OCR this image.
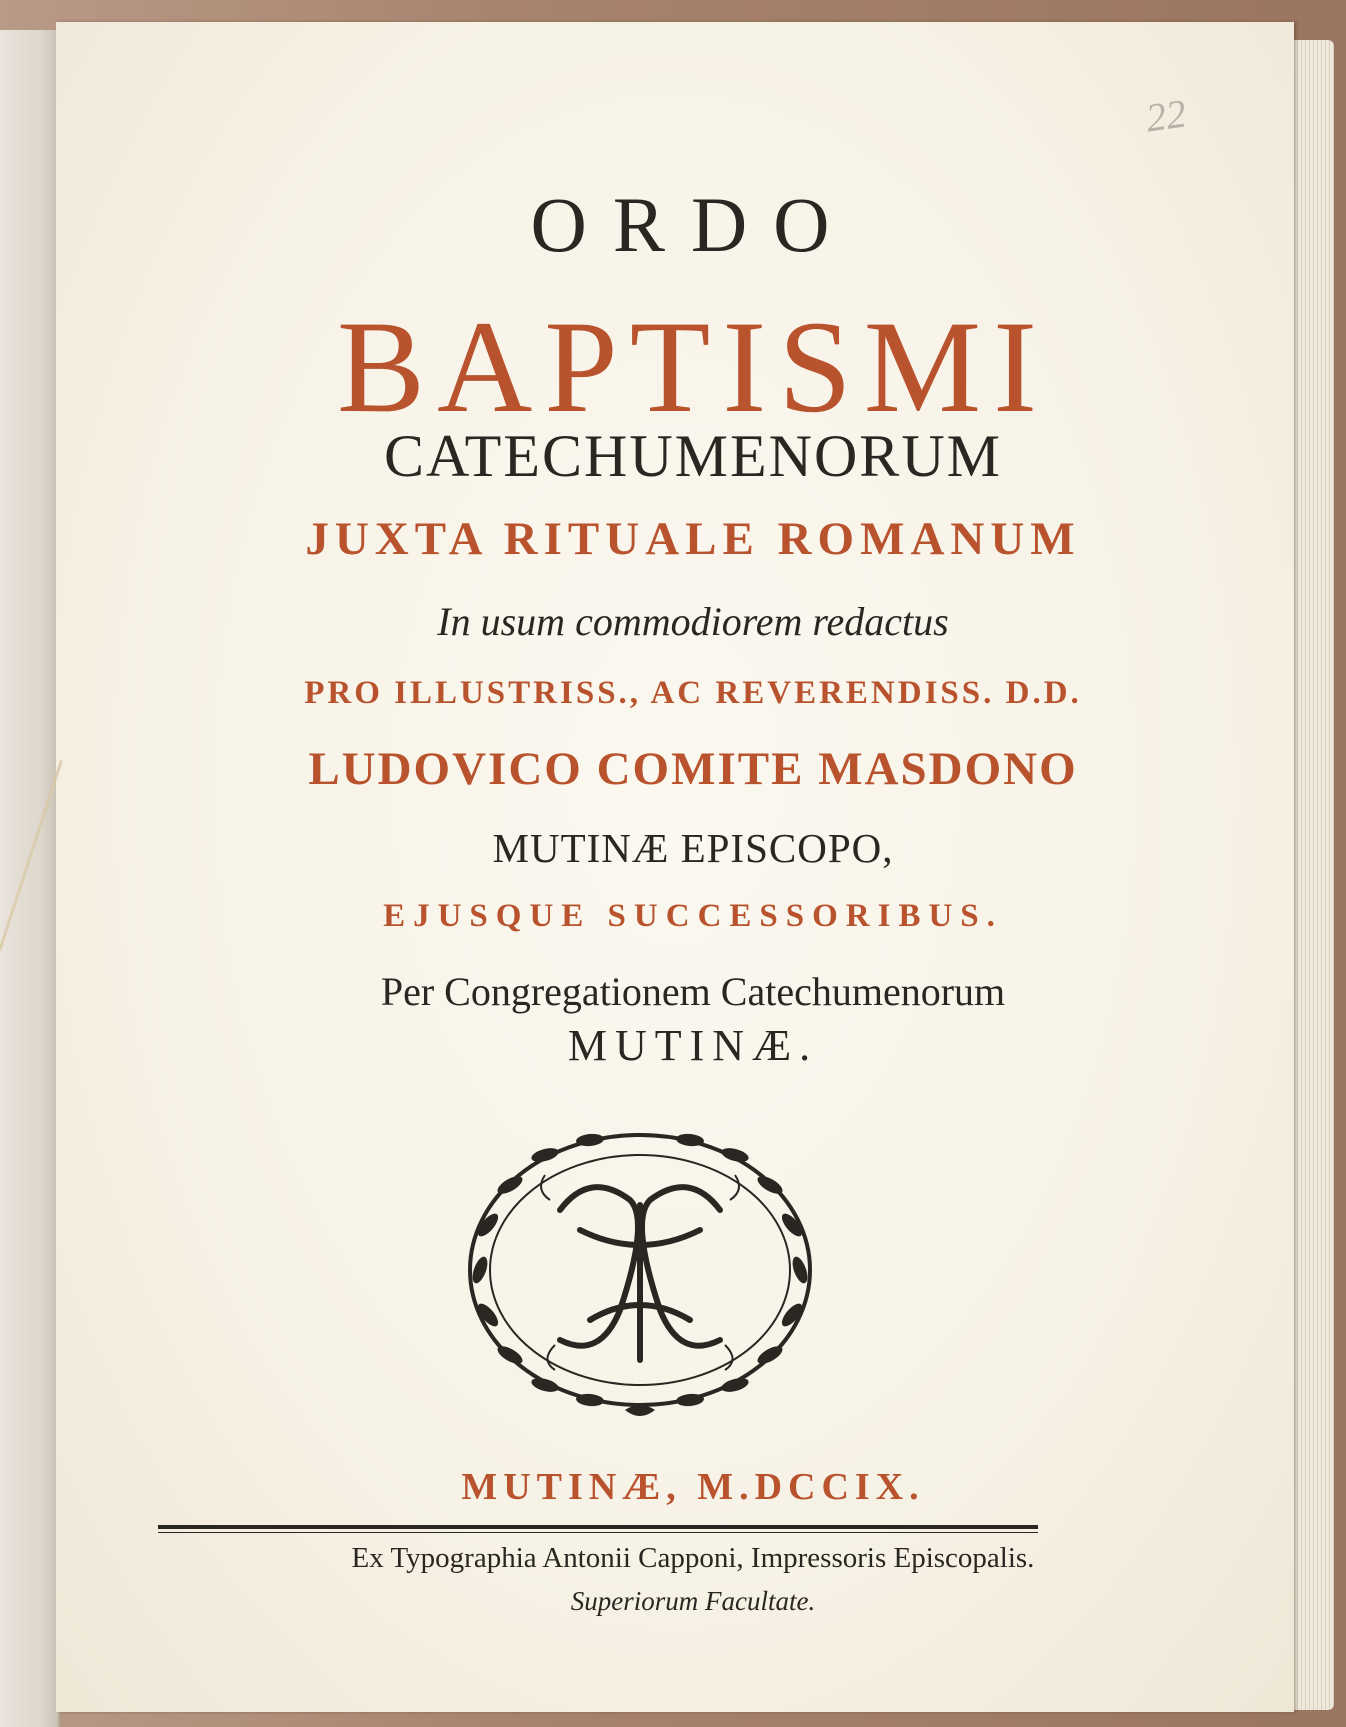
22
ORDO
BAPTISMI
CATECHUMENORUM
JUXTA RITUALE ROMANUM
In usum commodiorem redactus
PRO ILLUSTRISS., AC REVERENDISS. D.D.
LUDOVICO COMITE MASDONO
MUTINÆ EPISCOPO,
EJUSQUE SUCCESSORIBUS.
Per Congregationem Catechumenorum
MUTINÆ.
MUTINÆ, M.DCCIX.
Ex Typographia Antonii Capponi, Impressoris Episcopalis.
Superiorum Facultate.
